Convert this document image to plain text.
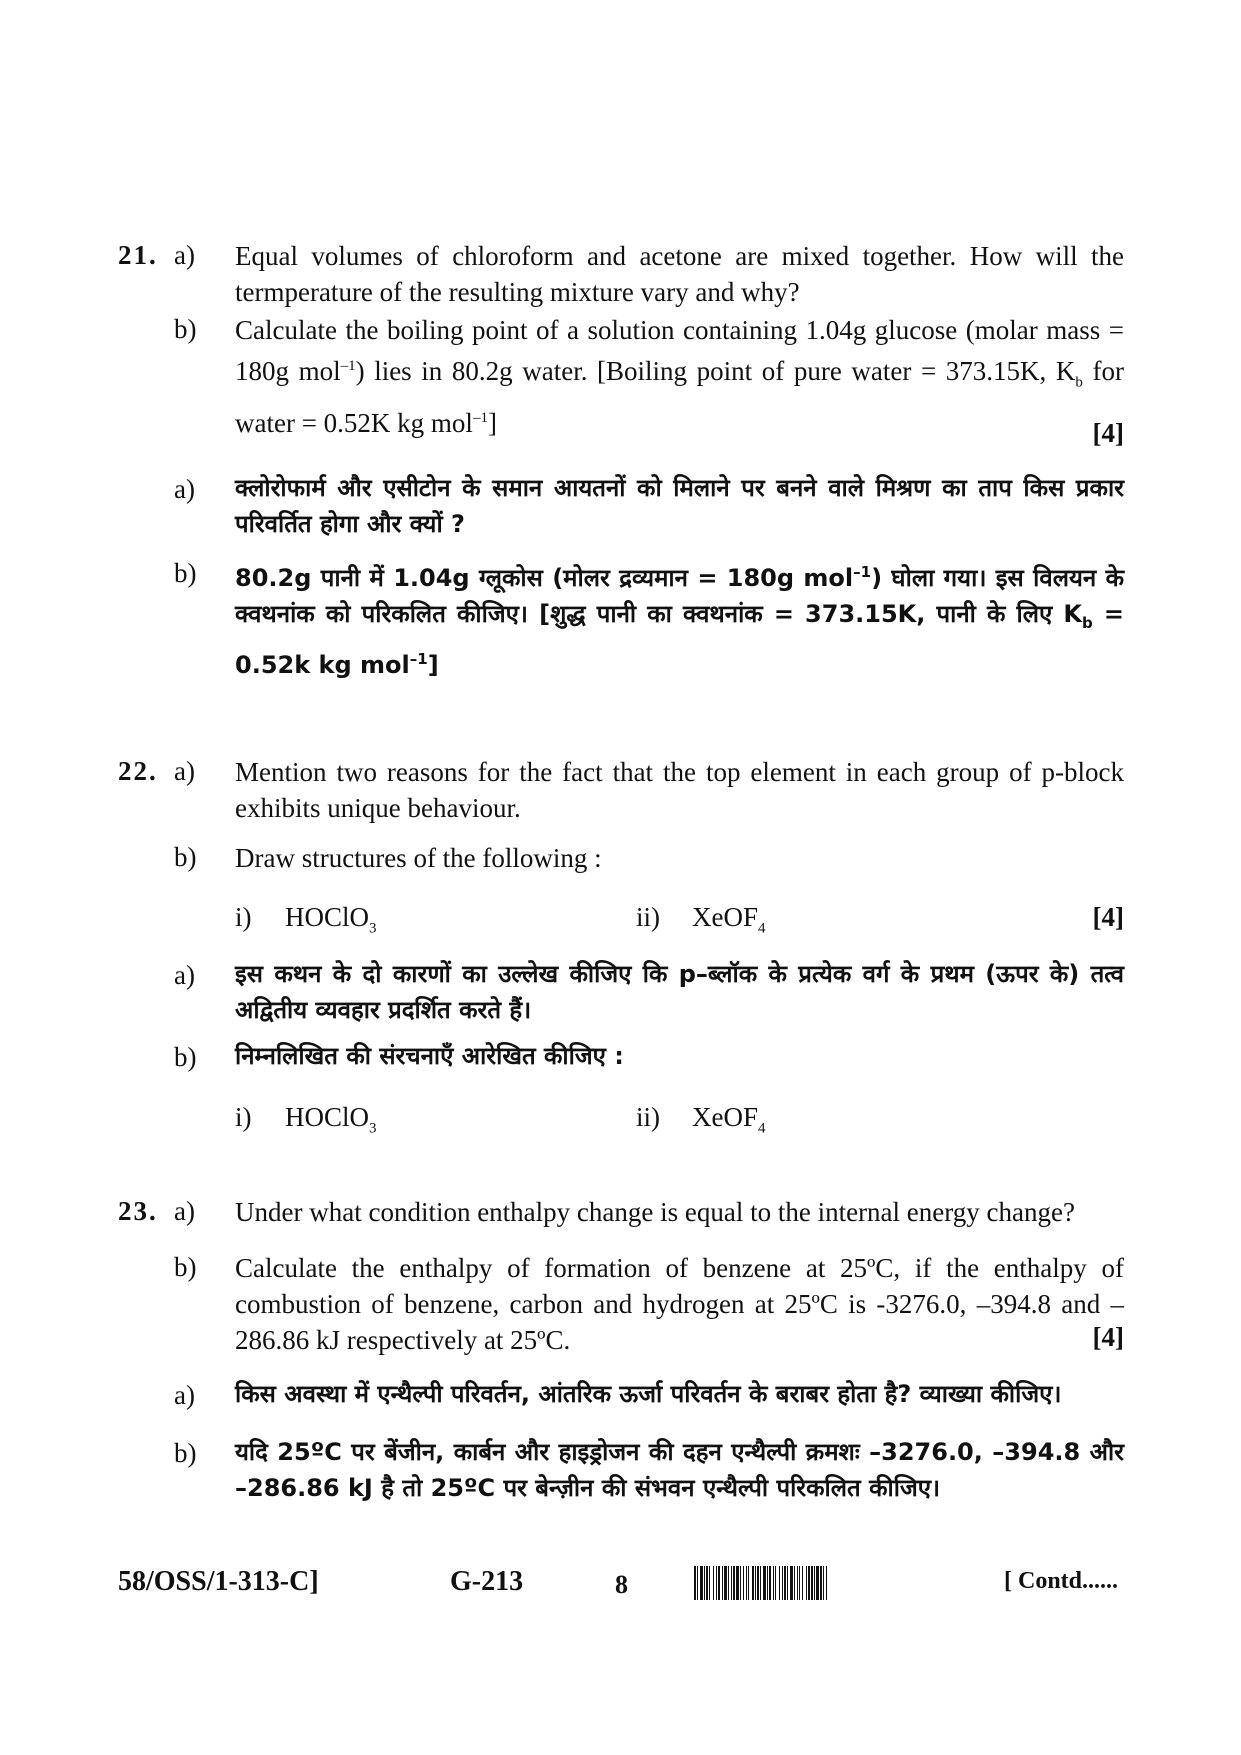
21. a) Equal volumes of chloroform and acetone are mixed together. How will the termperature of the resulting mixture vary and why?
b) Calculate the boiling point of a solution containing 1.04g glucose (molar mass = 180g mol$^{-1}$) lies in 80.2g water. [Boiling point of pure water = 373.15K, $K_b$ for water = 0.52K kg mol$^{-1}$]	[4]
a) क्लोरोफार्म और एसीटोन के समान आयतनों को मिलाने पर बनने वाले मिश्रण का ताप किस प्रकार परिवर्तित होगा और क्यों ?
b) 80.2g पानी में 1.04g ग्लूकोस (मोलर द्रव्यमान = 180g mol$^{-1}$) घोला गया। इस विलयन के क्वथनांक को परिकलित कीजिए। [शुद्ध पानी का क्वथनांक = 373.15K, पानी के लिए $K_b = 0.52k$ kg mol$^{-1}$]
22. a) Mention two reasons for the fact that the top element in each group of p-block exhibits unique behaviour.
b) Draw structures of the following :
i) HOClO$_3$	ii) XeOF$_4$	[4]
a) इस कथन के दो कारणों का उल्लेख कीजिए कि p–ब्लॉक के प्रत्येक वर्ग के प्रथम (ऊपर के) तत्व अद्वितीय व्यवहार प्रदर्शित करते हैं।
b) निम्नलिखित की संरचनाएँ आरेखित कीजिए :
i) HOClO$_3$	ii) XeOF$_4$
23. a) Under what condition enthalpy change is equal to the internal energy change?
b) Calculate the enthalpy of formation of benzene at 25ºC, if the enthalpy of combustion of benzene, carbon and hydrogen at 25ºC is -3276.0, –394.8 and –286.86 kJ respectively at 25ºC.	[4]
a) किस अवस्था में एन्थैल्पी परिवर्तन, आंतरिक ऊर्जा परिवर्तन के बराबर होता है? व्याख्या कीजिए।
b) यदि 25ºC पर बेंजीन, कार्बन और हाइड्रोजन की दहन एन्थैल्पी क्रमशः –3276.0, –394.8 और –286.86 kJ है तो 25ºC पर बेन्ज़ीन की संभवन एन्थैल्पी परिकलित कीजिए।
58/OSS/1-313-C]	G-213	8	[ Contd......
